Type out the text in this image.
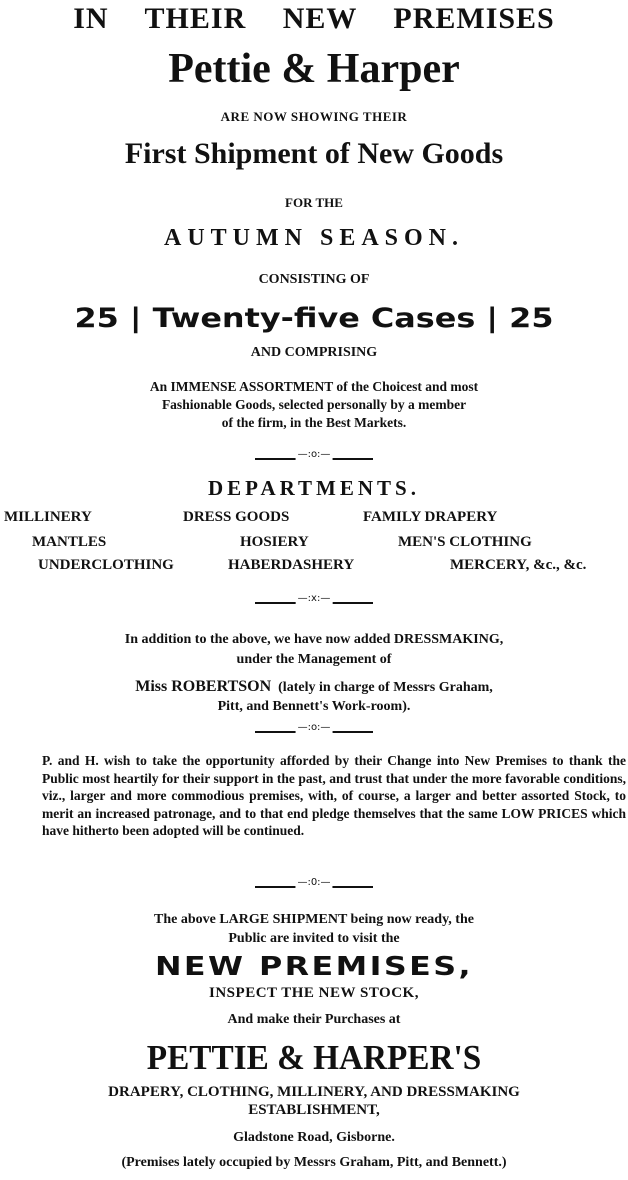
IN THEIR NEW PREMISES
Pettie & Harper
ARE NOW SHOWING THEIR
First Shipment of New Goods
FOR THE
AUTUMN SEASON.
CONSISTING OF
25 | Twenty-five Cases | 25
AND COMPRISING
An IMMENSE ASSORTMENT of the Choicest and most
Fashionable Goods, selected personally by a member
of the firm, in the Best Markets.
—:o:—
DEPARTMENTS.
MILLINERY	DRESS GOODS	FAMILY DRAPERY
MANTLES	HOSIERY	MEN'S CLOTHING
UNDERCLOTHING	HABERDASHERY	MERCERY, &c., &c.
—:x:—
In addition to the above, we have now added DRESSMAKING,
under the Management of
Miss ROBERTSON (lately in charge of Messrs Graham,
Pitt, and Bennett's Work-room).
—:o:—
P. and H. wish to take the opportunity afforded by their Change into New Premises to thank the Public most heartily for their support in the past, and trust that under the more favorable conditions, viz., larger and more commodious premises, with, of course, a larger and better assorted Stock, to merit an increased patronage, and to that end pledge themselves that the same LOW PRICES which have hitherto been adopted will be continued.
—:0:—
The above LARGE SHIPMENT being now ready, the
Public are invited to visit the
NEW PREMISES,
INSPECT THE NEW STOCK,
And make their Purchases at
PETTIE & HARPER'S
DRAPERY, CLOTHING, MILLINERY, AND DRESSMAKING
ESTABLISHMENT,
Gladstone Road, Gisborne.
(Premises lately occupied by Messrs Graham, Pitt, and Bennett.)
